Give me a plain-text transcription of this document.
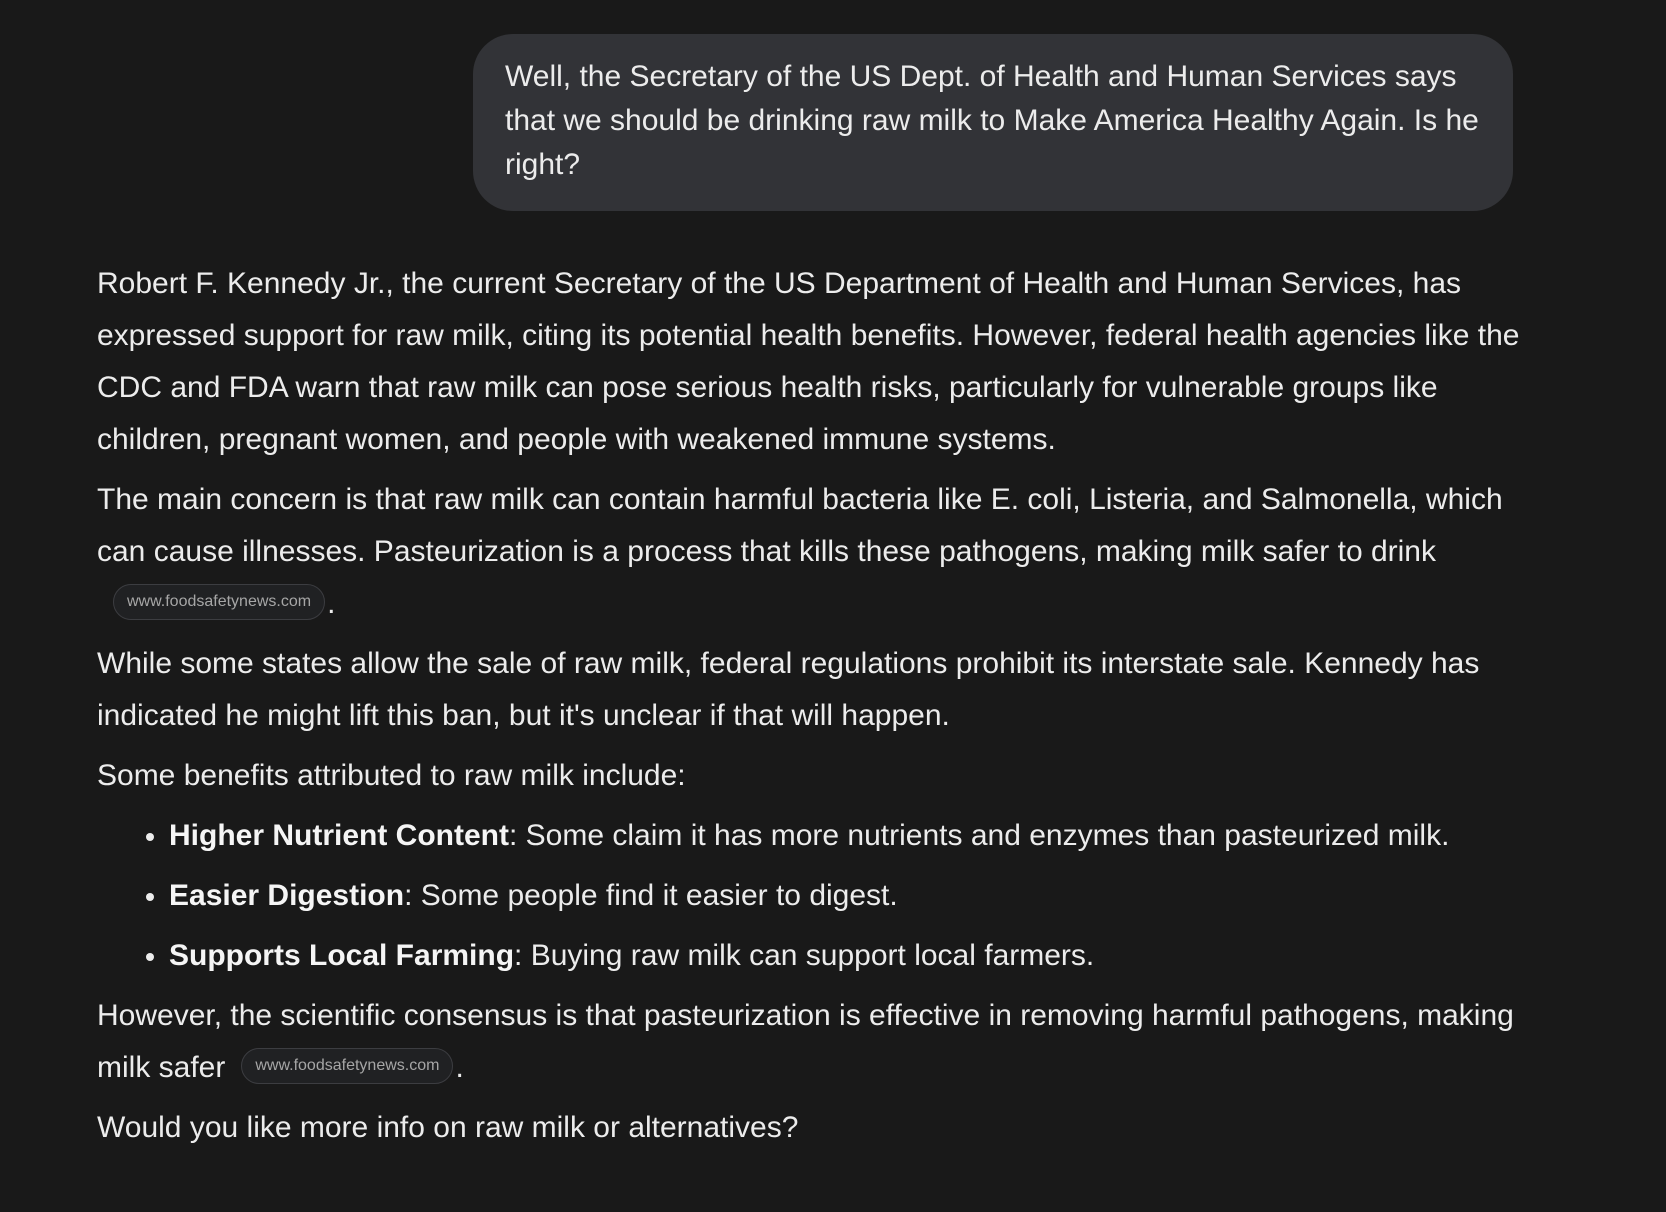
Well, the Secretary of the US Dept. of Health and Human Services says that we should be drinking raw milk to Make America Healthy Again. Is he right?

Robert F. Kennedy Jr., the current Secretary of the US Department of Health and Human Services, has expressed support for raw milk, citing its potential health benefits. However, federal health agencies like the CDC and FDA warn that raw milk can pose serious health risks, particularly for vulnerable groups like children, pregnant women, and people with weakened immune systems.

The main concern is that raw milk can contain harmful bacteria like E. coli, Listeria, and Salmonella, which can cause illnesses. Pasteurization is a process that kills these pathogens, making milk safer to drinkwww.foodsafetynews.com .

While some states allow the sale of raw milk, federal regulations prohibit its interstate sale. Kennedy has indicated he might lift this ban, but it's unclear if that will happen.

Some benefits attributed to raw milk include:

• Higher Nutrient Content: Some claim it has more nutrients and enzymes than pasteurized milk.
• Easier Digestion: Some people find it easier to digest.
• Supports Local Farming: Buying raw milk can support local farmers.

However, the scientific consensus is that pasteurization is effective in removing harmful pathogens, making milk safer www.foodsafetynews.com .

Would you like more info on raw milk or alternatives?
